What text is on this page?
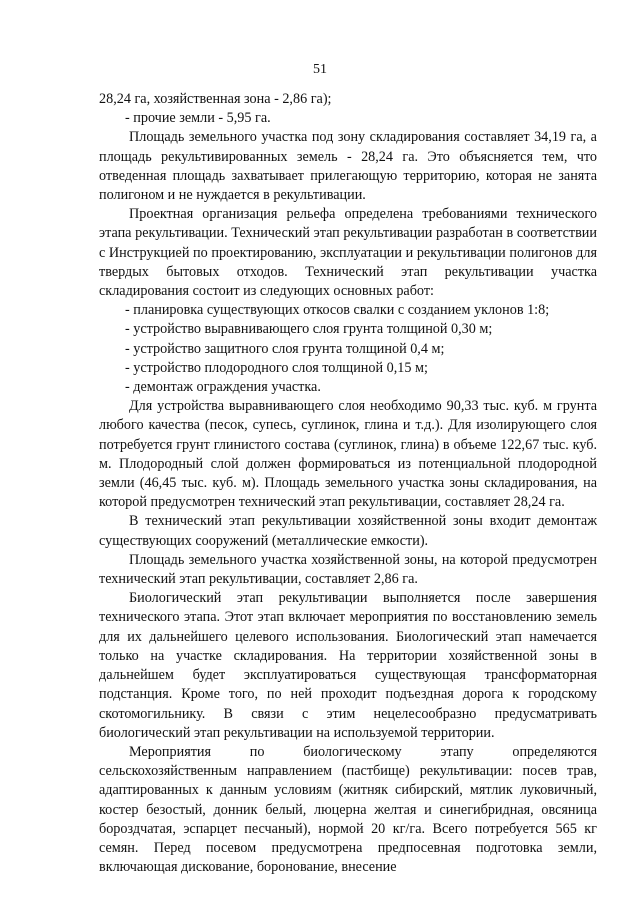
51

28,24 га, хозяйственная зона - 2,86 га);

- прочие земли - 5,95 га.

Площадь земельного участка под зону складирования составляет 34,19 га, а площадь рекультивированных земель - 28,24 га. Это объясняется тем, что отведенная площадь захватывает прилегающую территорию, которая не занята полигоном и не нуждается в рекультивации.

Проектная организация рельефа определена требованиями технического этапа рекультивации. Технический этап рекультивации разработан в соответствии с Инструкцией по проектированию, эксплуатации и рекультивации полигонов для твердых бытовых отходов. Технический этап рекультивации участка складирования состоит из следующих основных работ:

- планировка существующих откосов свалки с созданием уклонов 1:8;

- устройство выравнивающего слоя грунта толщиной 0,30 м;

- устройство защитного слоя грунта толщиной 0,4 м;

- устройство плодородного слоя толщиной 0,15 м;

- демонтаж ограждения участка.

Для устройства выравнивающего слоя необходимо 90,33 тыс. куб. м грунта любого качества (песок, супесь, суглинок, глина и т.д.). Для изолирующего слоя потребуется грунт глинистого состава (суглинок, глина) в объеме 122,67 тыс. куб. м. Плодородный слой должен формироваться из потенциальной плодородной земли (46,45 тыс. куб. м). Площадь земельного участка зоны складирования, на которой предусмотрен технический этап рекультивации, составляет 28,24 га.

В технический этап рекультивации хозяйственной зоны входит демонтаж существующих сооружений (металлические емкости).

Площадь земельного участка хозяйственной зоны, на которой предусмотрен технический этап рекультивации, составляет 2,86 га.

Биологический этап рекультивации выполняется после завершения технического этапа. Этот этап включает мероприятия по восстановлению земель для их дальнейшего целевого использования. Биологический этап намечается только на участке складирования. На территории хозяйственной зоны в дальнейшем будет эксплуатироваться существующая трансформаторная подстанция. Кроме того, по ней проходит подъездная дорога к городскому скотомогильнику. В связи с этим нецелесообразно предусматривать биологический этап рекультивации на используемой территории.

Мероприятия по биологическому этапу определяются сельскохозяйственным направлением (пастбище) рекультивации: посев трав, адаптированных к данным условиям (житняк сибирский, мятлик луковичный, костер безостый, донник белый, люцерна желтая и синегибридная, овсяница бороздчатая, эспарцет песчаный), нормой 20 кг/га. Всего потребуется 565 кг семян. Перед посевом предусмотрена предпосевная подготовка земли, включающая дискование, боронование, внесение
